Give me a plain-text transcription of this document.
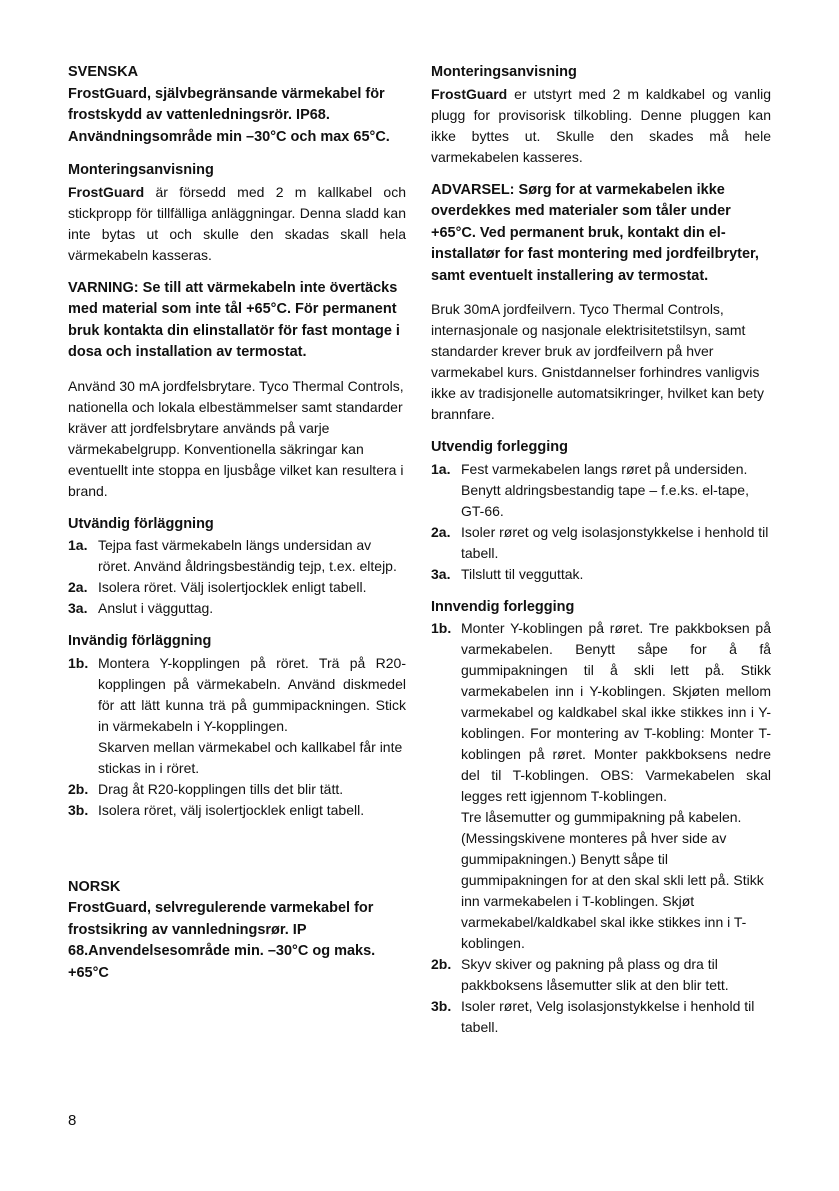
SVENSKA

FrostGuard, självbegränsande värmekabel för frostskydd av vattenledningsrör. IP68. Användningsområde min –30°C och max 65°C.

Monteringsanvisning

FrostGuard är försedd med 2 m kallkabel och stickpropp för tillfälliga anläggningar. Denna sladd kan inte bytas ut och skulle den skadas skall hela värmekabeln kasseras.

VARNING: Se till att värmekabeln inte övertäcks med material som inte tål +65°C. För permanent bruk kontakta din elinstallatör för fast montage i dosa och installation av termostat.

Använd 30 mA jordfelsbrytare. Tyco Thermal Controls, nationella och lokala elbestämmelser samt standarder kräver att jordfelsbrytare används på varje värmekabelgrupp. Konventionella säkringar kan eventuellt inte stoppa en ljusbåge vilket kan resultera i brand.

Utvändig förläggning

1a. Tejpa fast värmekabeln längs undersidan av röret. Använd åldringsbeständig tejp, t.ex. eltejp.

2a. Isolera röret. Välj isolertjocklek enligt tabell.

3a. Anslut i vägguttag.

Invändig förläggning

1b. Montera Y-kopplingen på röret. Trä på R20-kopplingen på värmekabeln. Använd diskmedel för att lätt kunna trä på gummipackningen. Stick in värmekabeln i Y-kopplingen.

Skarven mellan värmekabel och kallkabel får inte stickas in i röret.

2b. Drag åt R20-kopplingen tills det blir tätt.

3b. Isolera röret, välj isolertjocklek enligt tabell.

NORSK

FrostGuard, selvregulerende varmekabel for frostsikring av vannledningsrør. IP 68.Anvendelsesområde min. –30°C og maks. +65°C

Monteringsanvisning

FrostGuard er utstyrt med 2 m kaldkabel og vanlig plugg for provisorisk tilkobling. Denne pluggen kan ikke byttes ut. Skulle den skades må hele varmekabelen kasseres.

ADVARSEL: Sørg for at varmekabelen ikke overdekkes med materialer som tåler under +65°C. Ved permanent bruk, kontakt din el-installatør for fast montering med jordfeilbryter, samt eventuelt installering av termostat.

Bruk 30mA jordfeilvern. Tyco Thermal Controls, internasjonale og nasjonale elektrisitetstilsyn, samt standarder krever bruk av jordfeilvern på hver varmekabel kurs. Gnistdannelser forhindres vanligvis ikke av tradisjonelle automatsikringer, hvilket kan bety brannfare.

Utvendig forlegging

1a. Fest varmekabelen langs røret på undersiden. Benytt aldringsbestandig tape – f.e.ks. el-tape, GT-66.

2a. Isoler røret og velg isolasjonstykkelse i henhold til tabell.

3a. Tilslutt til vegguttak.

Innvendig forlegging

1b. Monter Y-koblingen på røret. Tre pakkboksen på varmekabelen. Benytt såpe for å få gummipakningen til å skli lett på. Stikk varmekabelen inn i Y-koblingen. Skjøten mellom varmekabel og kaldkabel skal ikke stikkes inn i Y-koblingen. For montering av T-kobling: Monter T-koblingen på røret. Monter pakkboksens nedre del til T-koblingen. OBS: Varmekabelen skal legges rett igjennom T-koblingen.

Tre låsemutter og gummipakning på kabelen. (Messingskivene monteres på hver side av gummipakningen.) Benytt såpe til gummipakningen for at den skal skli lett på. Stikk inn varmekabelen i T-koblingen. Skjøt varmekabel/kaldkabel skal ikke stikkes inn i T-koblingen.

2b. Skyv skiver og pakning på plass og dra til pakkboksens låsemutter slik at den blir tett.

3b. Isoler røret, Velg isolasjonstykkelse i henhold til tabell.

8
